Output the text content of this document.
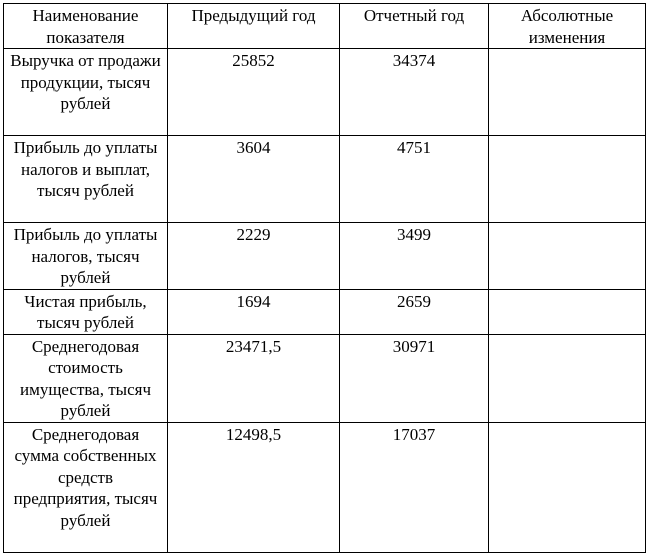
Наименование показателя	Предыдущий год	Отчетный год	Абсолютные изменения
Выручка от продажи продукции, тысяч рублей	25852	34374	
Прибыль до уплаты налогов и выплат, тысяч рублей	3604	4751	
Прибыль до уплаты налогов, тысяч рублей	2229	3499	
Чистая прибыль, тысяч рублей	1694	2659	
Среднегодовая стоимость имущества, тысяч рублей	23471,5	30971	
Среднегодовая сумма собственных средств предприятия, тысяч рублей	12498,5	17037	
